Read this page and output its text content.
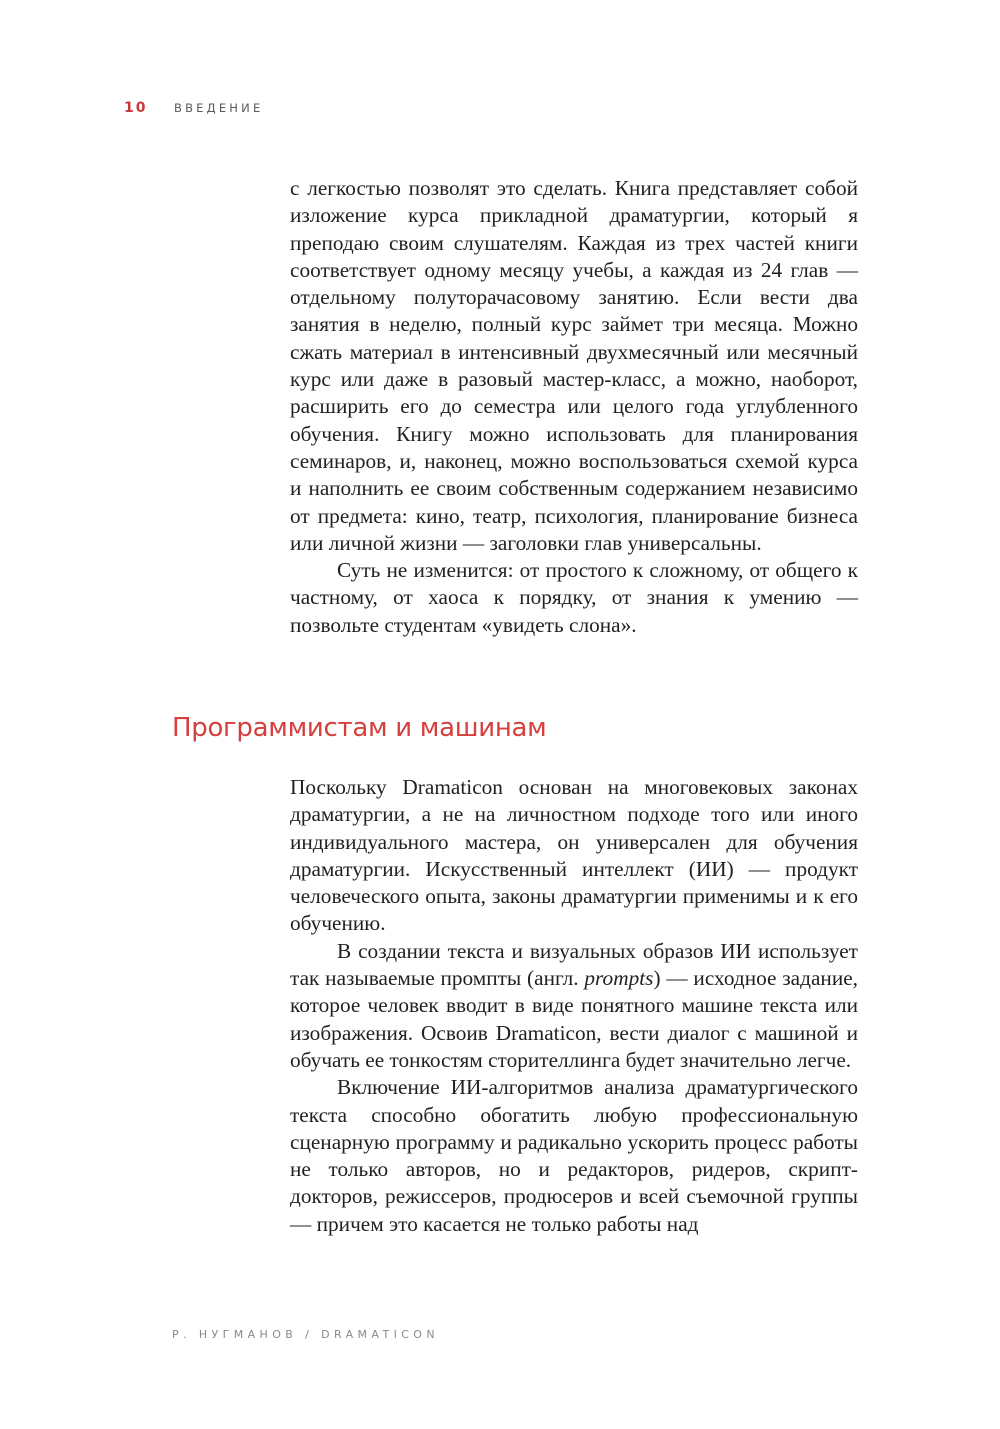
10	ВВЕДЕНИЕ

с легкостью позволят это сделать. Книга представляет собой изложение курса прикладной драматургии, который я преподаю своим слушателям. Каждая из трех частей книги соответствует одному месяцу учебы, а каждая из 24 глав — отдельному полуторачасовому занятию. Если вести два занятия в неделю, полный курс займет три месяца. Можно сжать материал в интенсивный двухмесячный или месячный курс или даже в разовый мастер-класс, а можно, наоборот, расширить его до семестра или целого года углубленного обучения. Книгу можно использовать для планирования семинаров, и, наконец, можно воспользоваться схемой курса и наполнить ее своим собственным содержанием независимо от предмета: кино, театр, психология, планирование бизнеса или личной жизни — заголовки глав универсальны.

Суть не изменится: от простого к сложному, от общего к частному, от хаоса к порядку, от знания к умению — позвольте студентам «увидеть слона».

Программистам и машинам

Поскольку Dramaticon основан на многовековых законах драматургии, а не на личностном подходе того или иного индивидуального мастера, он универсален для обучения драматургии. Искусственный интеллект (ИИ) — продукт человеческого опыта, законы драматургии применимы и к его обучению.

В создании текста и визуальных образов ИИ использует так называемые промпты (англ. prompts) — исходное задание, которое человек вводит в виде понятного машине текста или изображения. Освоив Dramaticon, вести диалог с машиной и обучать ее тонкостям сторителлинга будет значительно легче.

Включение ИИ-алгоритмов анализа драматургического текста способно обогатить любую профессиональную сценарную программу и радикально ускорить процесс работы не только авторов, но и редакторов, ридеров, скрипт-докторов, режиссеров, продюсеров и всей съемочной группы — причем это касается не только работы над

Р. НУГМАНОВ / DRAMATICON
